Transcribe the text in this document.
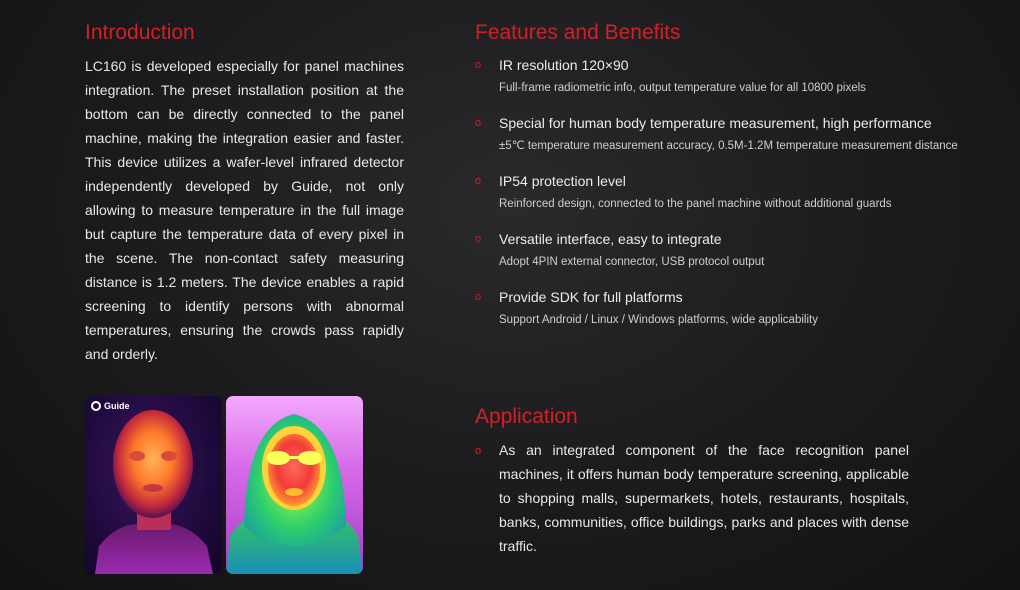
Introduction

LC160 is developed especially for panel machines integration. The preset installation position at the bottom can be directly connected to the panel machine, making the integration easier and faster. This device utilizes a wafer-level infrared detector independently developed by Guide, not only allowing to measure temperature in the full image but capture the temperature data of every pixel in the scene. The non-contact safety measuring distance is 1.2 meters. The device enables a rapid screening to identify persons with abnormal temperatures, ensuring the crowds pass rapidly and orderly.

Features and Benefits
o IR resolution 120×90
Full-frame radiometric info, output temperature value for all 10800 pixels
o Special for human body temperature measurement, high performance
±5℃ temperature measurement accuracy, 0.5M-1.2M temperature measurement distance
o IP54 protection level
Reinforced design, connected to the panel machine without additional guards
o Versatile interface, easy to integrate
Adopt 4PIN external connector, USB protocol output
o Provide SDK for full platforms
Support Android / Linux / Windows platforms, wide applicability
Application
o As an integrated component of the face recognition panel machines, it offers human body temperature screening, applicable to shopping malls, supermarkets, hotels, restaurants, hospitals, banks, communities, office buildings, parks and places with dense traffic.

Guide
